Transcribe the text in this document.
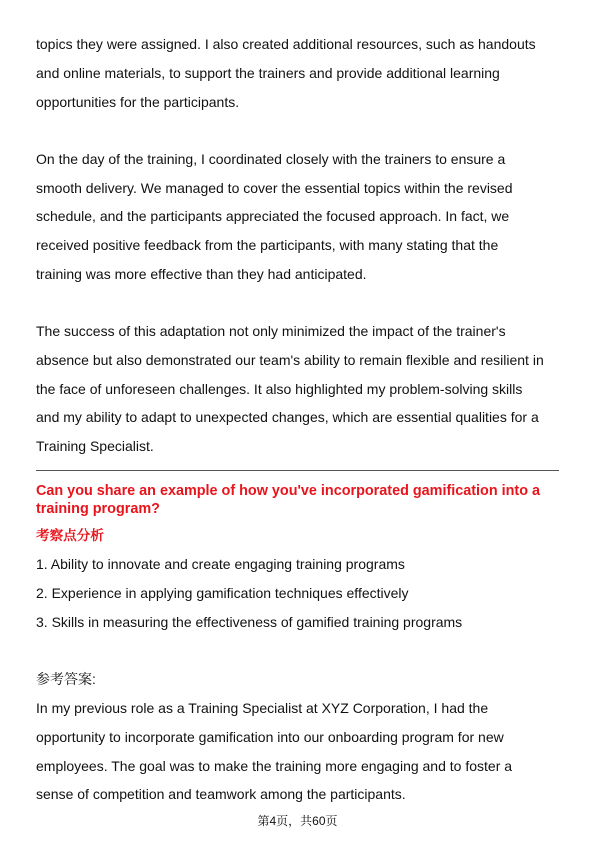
topics they were assigned. I also created additional resources, such as handouts
and online materials, to support the trainers and provide additional learning
opportunities for the participants.
On the day of the training, I coordinated closely with the trainers to ensure a
smooth delivery. We managed to cover the essential topics within the revised
schedule, and the participants appreciated the focused approach. In fact, we
received positive feedback from the participants, with many stating that the
training was more effective than they had anticipated.
The success of this adaptation not only minimized the impact of the trainer's
absence but also demonstrated our team's ability to remain flexible and resilient in
the face of unforeseen challenges. It also highlighted my problem-solving skills
and my ability to adapt to unexpected changes, which are essential qualities for a
Training Specialist.
Can you share an example of how you've incorporated gamification into a
training program?
考察点分析
1. Ability to innovate and create engaging training programs
2. Experience in applying gamification techniques effectively
3. Skills in measuring the effectiveness of gamified training programs
参考答案:
In my previous role as a Training Specialist at XYZ Corporation, I had the
opportunity to incorporate gamification into our onboarding program for new
employees. The goal was to make the training more engaging and to foster a
sense of competition and teamwork among the participants.
第4页，共60页
